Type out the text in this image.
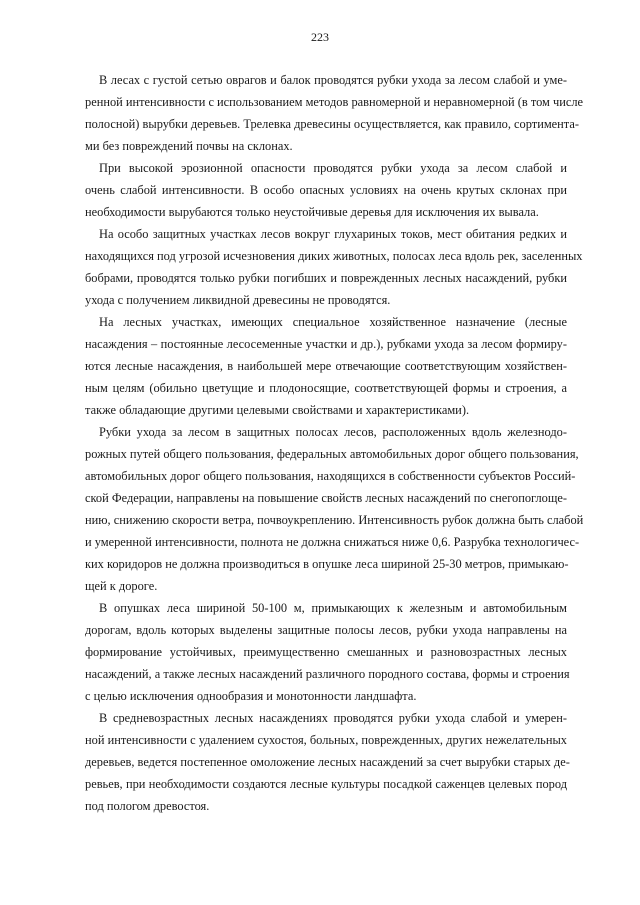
223

В лесах с густой сетью оврагов и балок проводятся рубки ухода за лесом слабой и уме-
ренной интенсивности с использованием методов равномерной и неравномерной (в том числе
полосной) вырубки деревьев. Трелевка древесины осуществляется, как правило, сортимента-
ми без повреждений почвы на склонах.

При высокой эрозионной опасности проводятся рубки ухода за лесом слабой и
очень слабой интенсивности. В особо опасных условиях на очень крутых склонах при
необходимости вырубаются только неустойчивые деревья для исключения их вывала.

На особо защитных участках лесов вокруг глухариных токов, мест обитания редких и
находящихся под угрозой исчезновения диких животных, полосах леса вдоль рек, заселенных
бобрами, проводятся только рубки погибших и поврежденных лесных насаждений, рубки
ухода с получением ликвидной древесины не проводятся.

На лесных участках, имеющих специальное хозяйственное назначение (лесные
насаждения – постоянные лесосеменные участки и др.), рубками ухода за лесом формиру-
ются лесные насаждения, в наибольшей мере отвечающие соответствующим хозяйствен-
ным целям (обильно цветущие и плодоносящие, соответствующей формы и строения, а
также обладающие другими целевыми свойствами и характеристиками).

Рубки ухода за лесом в защитных полосах лесов, расположенных вдоль железнодо-
рожных путей общего пользования, федеральных автомобильных дорог общего пользования,
автомобильных дорог общего пользования, находящихся в собственности субъектов Россий-
ской Федерации, направлены на повышение свойств лесных насаждений по снегопоглоще-
нию, снижению скорости ветра, почвоукреплению. Интенсивность рубок должна быть слабой
и умеренной интенсивности, полнота не должна снижаться ниже 0,6. Разрубка технологичес-
ких коридоров не должна производиться в опушке леса шириной 25-30 метров, примыкаю-
щей к дороге.

В опушках леса шириной 50-100 м, примыкающих к железным и автомобильным
дорогам, вдоль которых выделены защитные полосы лесов, рубки ухода направлены на
формирование устойчивых, преимущественно смешанных и разновозрастных лесных
насаждений, а также лесных насаждений различного породного состава, формы и строения
с целью исключения однообразия и монотонности ландшафта.

В средневозрастных лесных насаждениях проводятся рубки ухода слабой и умерен-
ной интенсивности с удалением сухостоя, больных, поврежденных, других нежелательных
деревьев, ведется постепенное омоложение лесных насаждений за счет вырубки старых де-
ревьев, при необходимости создаются лесные культуры посадкой саженцев целевых пород
под пологом древостоя.
